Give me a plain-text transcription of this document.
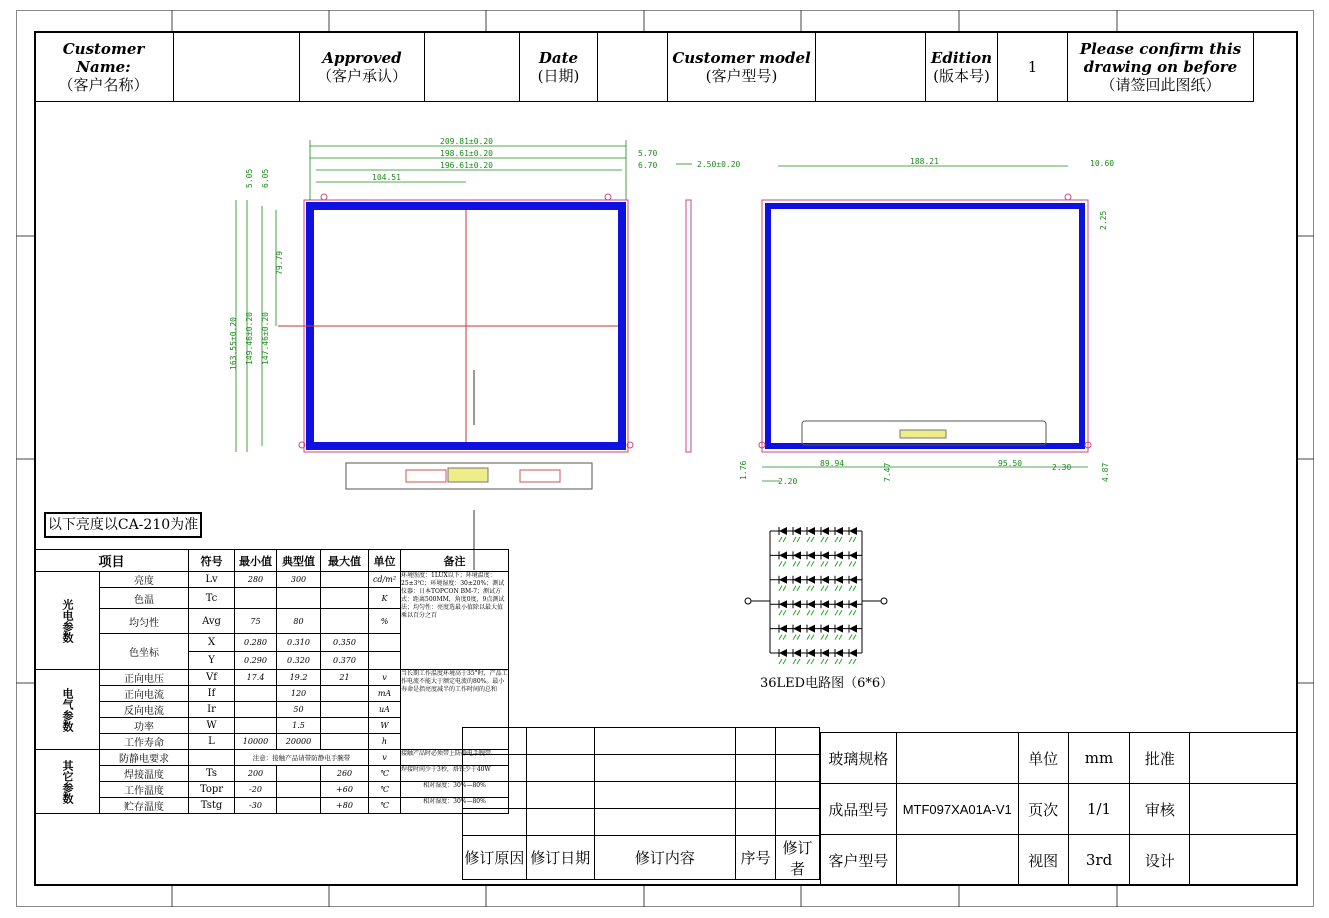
Customer Name:
（客户名称）
Approved
（客户承认）
Date
(日期)
Customer model
(客户型号)
Edition
(版本号)	1
Please confirm this
drawing on before
（请签回此图纸）
209.81±0.20
198.61±0.20
196.61±0.20
104.51
5.70
6.70
5.05 6.05
79.79
163.55±0.20 149.46±0.20 147.46±0.20
2.50±0.20	188.21	10.60
2.25
1.76
2.20
89.94	7.47	95.50	2.30	4.87
以下亮度以CA-210为准
36LED电路图（6*6）
项目		符号	最小值	典型值	最大值	单位	备注
光电参数	亮度	Lv	280	300		cd/m²	环境照度：1LUX以下；环境温度：25±3℃；环境湿度：30±20%；测试仪器：日本TOPCON BM-7；测试方式：距离500MM，角度0度，9点测试法；均匀性：亮度选最小值除以最大值乘以百分之百
	色温	Tc				K	
	均匀性	Avg	75	80		%	
	色坐标	X	0.280	0.310	0.350		
		Y	0.290	0.320	0.370		
电气参数	正向电压	Vf	17.4	19.2	21	v	当长期工作温度环境高于35°时，产品工作电流不能大于额定电流的80%。最小寿命是指亮度减半的工作时间的总和
	正向电流	If		120		mA	
	反向电流	Ir		50		uA	
	功率	W		1.5		W	
	工作寿命	L	10000	20000		h	
其它参数	防静电要求		注意：接触产品请带防静电手腕带			v	接触产品时必须带上防静电手腕带
	焊接温度	Ts	200		260	℃	焊接时间少于3秒，烙铁少于40W
	工作温度	Topr	-20		+60	℃	相对湿度：30%—80%
	贮存温度	Tstg	-30		+80	℃	相对湿度：30%—80%

修订原因	修订日期	修订内容	序号	修订者
玻璃规格		单位	mm	批准	
成品型号	MTF097XA01A-V1	页次	1/1	审核	
客户型号		视图	3rd	设计	
